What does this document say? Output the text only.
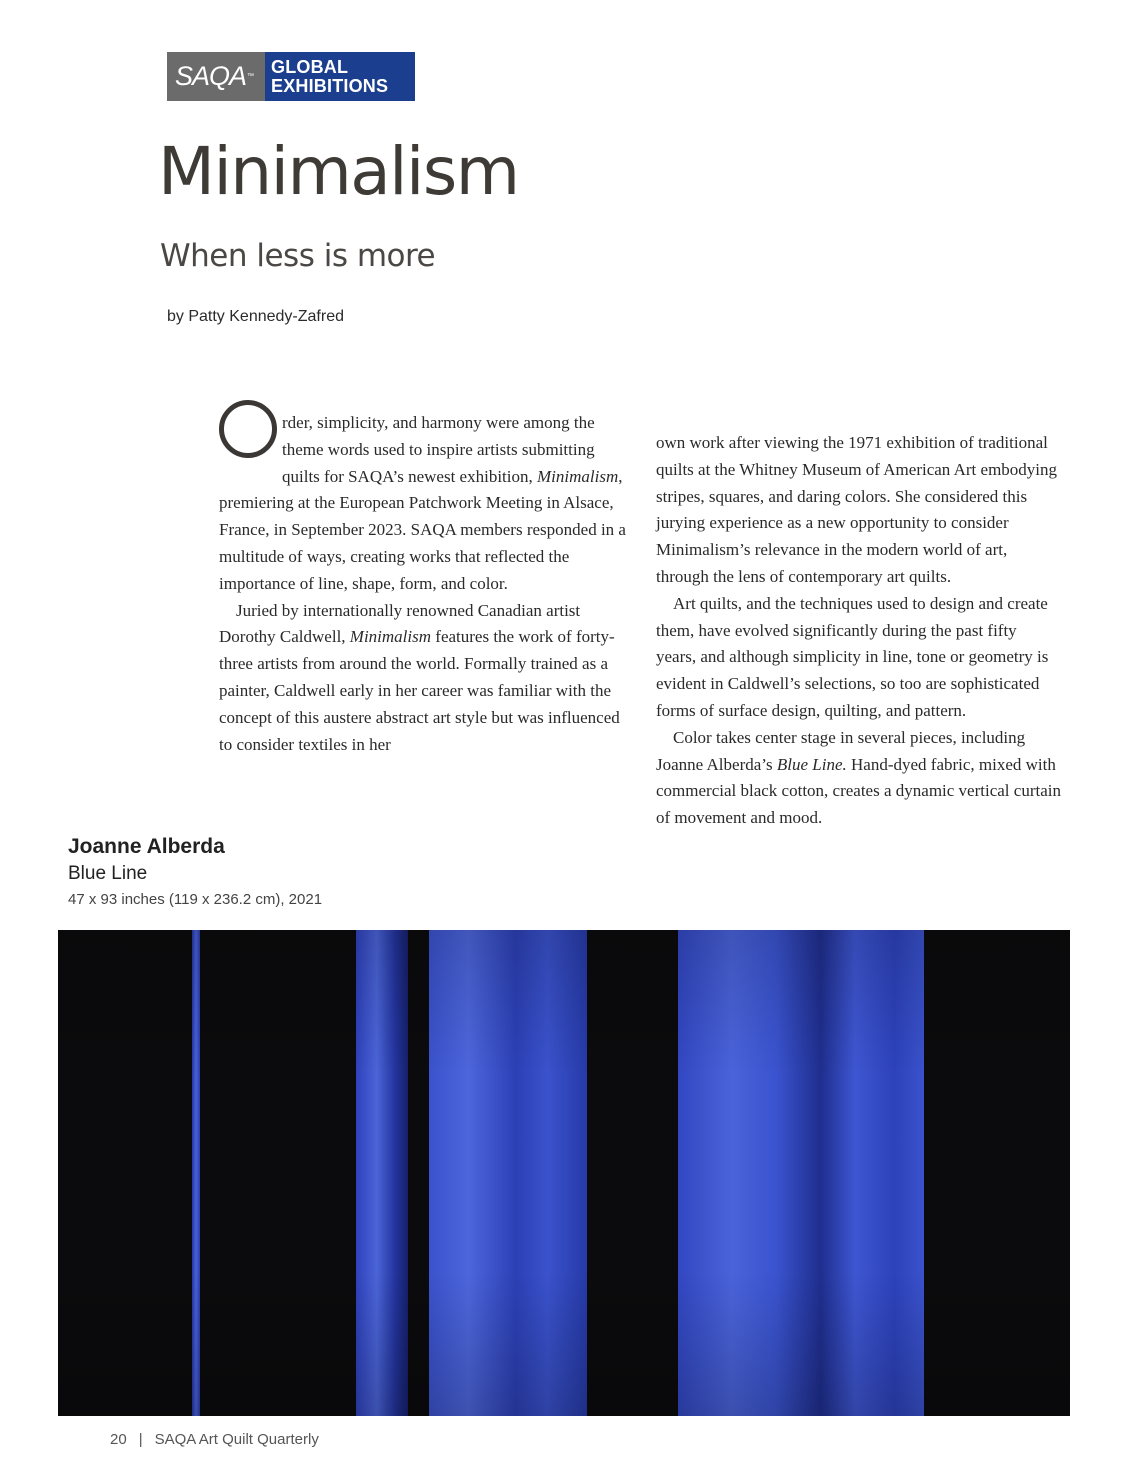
SAQA ™ GLOBAL
EXHIBITIONS
Minimalism
When less is more
by Patty Kennedy-Zafred

rder, simplicity, and harmony were among the theme words used to inspire artists submitting quilts for SAQA’s newest exhibition, Minimalism, premiering at the European Patchwork Meeting in Alsace, France, in September 2023. SAQA members responded in a multitude of ways, creating works that reflected the importance of line, shape, form, and color.

Juried by internationally renowned Canadian artist Dorothy Caldwell, Minimalism features the work of forty-three artists from around the world. Formally trained as a painter, Caldwell early in her career was familiar with the concept of this austere abstract art style but was influenced to consider textiles in her

own work after viewing the 1971 exhibition of traditional quilts at the Whitney Museum of American Art embodying stripes, squares, and daring colors. She considered this jurying experience as a new opportunity to consider Minimalism’s relevance in the modern world of art, through the lens of contemporary art quilts.

Art quilts, and the techniques used to design and create them, have evolved significantly during the past fifty years, and although simplicity in line, tone or geometry is evident in Caldwell’s selections, so too are sophisticated forms of surface design, quilting, and pattern.

Color takes center stage in several pieces, including Joanne Alberda’s Blue Line. Hand-dyed fabric, mixed with commercial black cotton, creates a dynamic vertical curtain of movement and mood.

Joanne Alberda
Blue Line
47 x 93 inches (119 x 236.2 cm), 2021
20 | SAQA Art Quilt Quarterly
